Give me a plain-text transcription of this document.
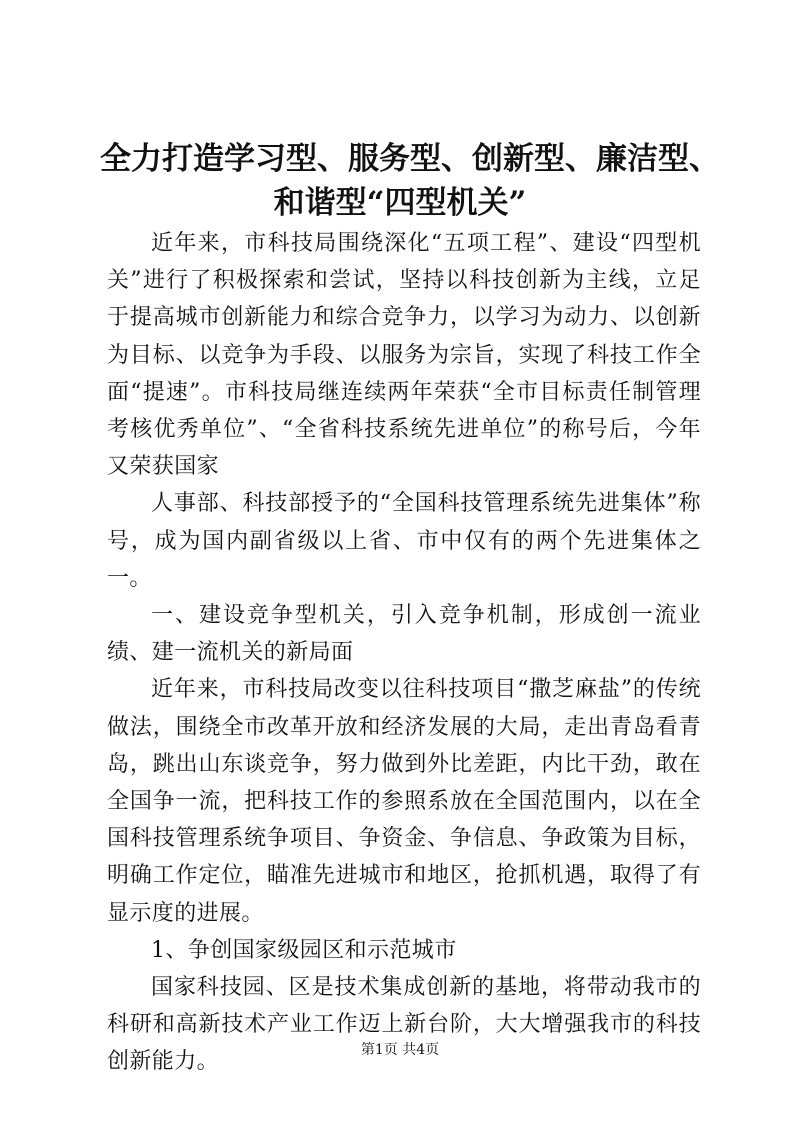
全力打造学习型、服务型、创新型、廉洁型、
和谐型“四型机关”

近年来，市科技局围绕深化“五项工程”、建设“四型机关”进行了积极探索和尝试，坚持以科技创新为主线，立足于提高城市创新能力和综合竞争力，以学习为动力、以创新为目标、以竞争为手段、以服务为宗旨，实现了科技工作全面“提速”。市科技局继连续两年荣获“全市目标责任制管理考核优秀单位”、“全省科技系统先进单位”的称号后，今年又荣获国家

人事部、科技部授予的“全国科技管理系统先进集体”称号，成为国内副省级以上省、市中仅有的两个先进集体之一。

一、建设竞争型机关，引入竞争机制，形成创一流业绩、建一流机关的新局面

近年来，市科技局改变以往科技项目“撒芝麻盐”的传统做法，围绕全市改革开放和经济发展的大局，走出青岛看青岛，跳出山东谈竞争，努力做到外比差距，内比干劲，敢在全国争一流，把科技工作的参照系放在全国范围内，以在全国科技管理系统争项目、争资金、争信息、争政策为目标，明确工作定位，瞄准先进城市和地区，抢抓机遇，取得了有显示度的进展。

1、争创国家级园区和示范城市

国家科技园、区是技术集成创新的基地，将带动我市的科研和高新技术产业工作迈上新台阶，大大增强我市的科技创新能力。	第1页 共4页
